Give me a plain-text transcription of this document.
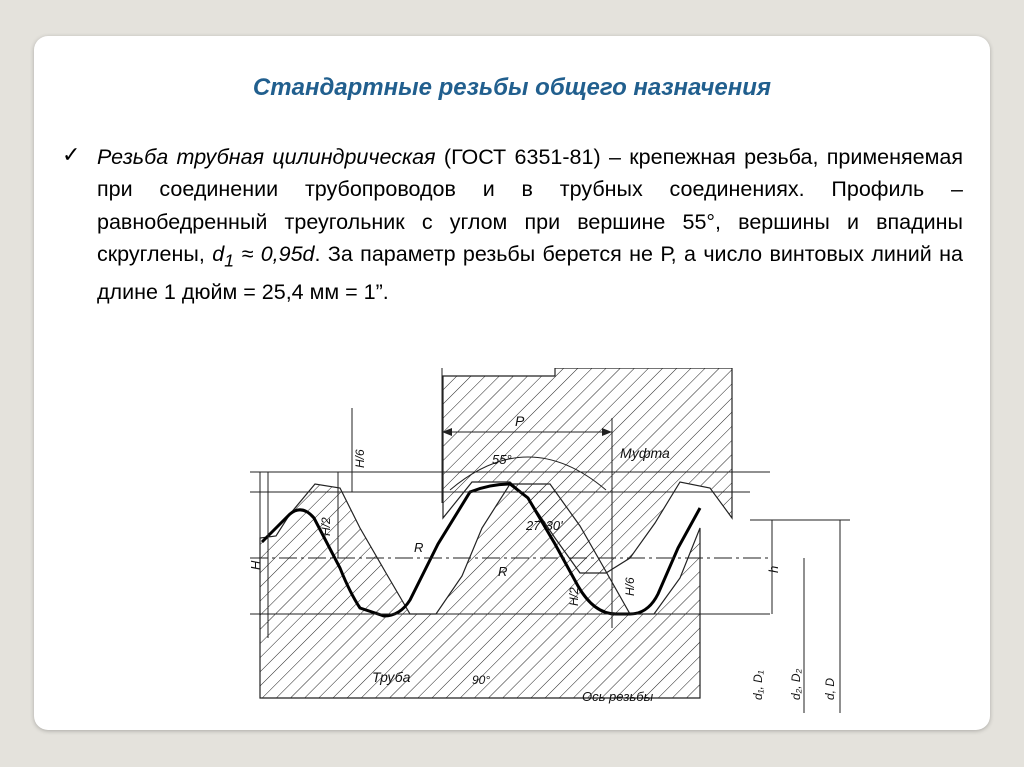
Стандартные резьбы общего назначения
✓ Резьба трубная цилиндрическая (ГОСТ 6351-81) – крепежная резьба, применяемая при соединении трубопроводов и в трубных соединениях. Профиль – равнобедренный треугольник с углом при вершине 55°, вершины и впадины скруглены, $d_1 \approx 0,95d$. За параметр резьбы берется не Р, а число винтовых линий на длине 1 дюйм = 25,4 мм = 1”.
P
55°
27°30'
Муфта
Труба
Ось резьбы
90°
R
R
H/6
H/2
H
H/2
H/6
h
d₁, D₁ d₂, D₂ d, D
